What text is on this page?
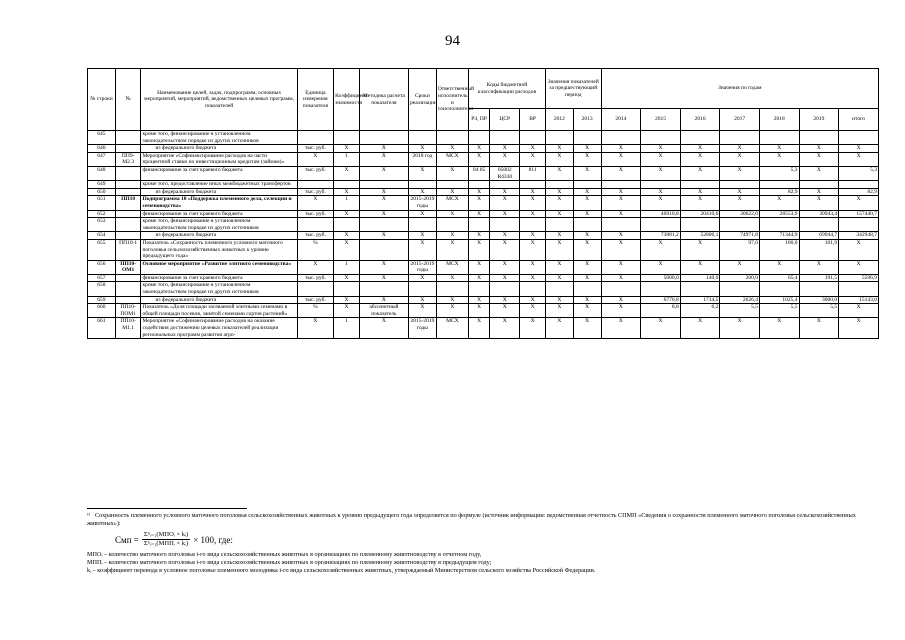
94
№ строки	№	Наименование целей, задач, подпрограмм, основных мероприятий, мероприятий, ведомственных целевых программ, показателей	Единица измерения показателя	Коэффициент значимости	Методика расчета показателя	Сроки реализации	Ответственный исполнитель и соисполнители	Коды бюджетной классификации расходов			Значения показателей за предшествующий период		Значения по годам						
								РЗ, ПР	ЦСР	ВР	2012	2013	2014	2015	2016	2017	2018	2019	итого
645		кроме того, финансирование в установленном законодательством порядке из других источников																	
646		из федерального бюджета	тыс. руб.	Х	Х	Х	Х	Х	Х	Х	Х	Х	Х	Х	Х	Х	Х	Х	Х
647	ПП9-М2.3	Мероприятие «Софинансирование расходов на части процентной ставки по инвестиционным кредитам (займам)»	Х	1	Х	2018 год	МСХ	Х	Х	Х	Х	Х	Х	Х	Х	Х	Х	Х	Х
648		финансирование за счет краевого бюджета	тыс. руб.	Х	Х	Х	Х	04 05	05002 R4330	811	Х	Х	Х	Х	Х	Х	5,3	Х	5,3
649		кроме того, предоставление иных межбюджетных трансфертов																	
650		из федерального бюджета	тыс. руб.	Х	Х	Х	Х	Х	Х	Х	Х	Х	Х	Х	Х	Х	82,9	Х	82,9
651	ПП10	Подпрограмма 10 «Поддержка племенного дела, селекции и семеноводства»	Х	1	Х	2015-2019 годы	МСХ	Х	Х	Х	Х	Х	Х	Х	Х	Х	Х	Х	Х
652		финансирование за счет краевого бюджета	тыс. руб.	Х	Х	Х	Х	Х	Х	Х	Х	Х	Х	46910,8	20410,6	30622,0	28553,9	30943,4	157440,7
653		кроме того, финансирование в установленном законодательством порядке из других источников																	
654		из федерального бюджета	тыс. руб.	Х	Х	Х	Х	Х	Х	Х	Х	Х	Х	73881,2	52806,1	74971,8	71344,9	69944,7	342948,7
655	ПП10-1	Показатель «Сохранность племенного условного маточного поголовья сельскохозяйственных животных к уровню предыдущего года»	%	Х		Х	Х	Х	Х	Х	Х	Х	Х	Х	Х	97,0	100,0	101,9	Х
656	ПП10-ОМ1	Основное мероприятие «Развитие элитного семеноводства»	Х	1	Х	2015-2019 годы	МСХ	Х	Х	Х	Х	Х	Х	Х	Х	Х	Х	Х	Х
657		финансирование за счет краевого бюджета	тыс. руб.	Х	Х	Х	Х	Х	Х	Х	Х	Х	Х	5000,0	140,0	200,0	65,4	191,5	5596,9
658		кроме того, финансирование в установленном законодательством порядке из других источников																	
659		из федерального бюджета	тыс. руб.	Х	Х	Х	Х	Х	Х	Х	Х	Х	Х	6776,8	1714,5	2626,4	1025,4	3000,0	15143,0
660	ПП10-ПОМ1	Показатель «Доля площади засеваемой элитными семенами в общей площади посевов, занятой семенами сортов растений»	%	Х	абсолютный показатель	Х	Х	Х	Х	Х	Х	Х	Х	8,8	6,2	5,5	5,5	5,5	Х
661	ПП10-М1.1	Мероприятие «Софинансирование расходов на оказание содействия достижению целевых показателей реализации региональных программ развития агро-	Х	1	Х	2015-2019 годы	МСХ	Х	Х	Х	Х	Х	Х	Х	Х	Х	Х	Х	Х

¹⁾ Сохранность племенного условного маточного поголовья сельскохозяйственных животных к уровню предыдущего года определяется по формуле (источник информации: ведомственная отчетность СПМП «Сведения о сохранности племенного маточного поголовья сельскохозяйственных животных»):

Смп = $\frac{\text{Σⁿᵢ₌₁(МПОᵢ × kᵢ)}}{\text{Σⁿᵢ₌₁(МППᵢ × kᵢ)}} \times 100$, где:

МПОᵢ – количество маточного поголовья i-го вида сельскохозяйственных животных в организациях по племенному животноводству в отчетном году,

МППᵢ – количество маточного поголовья i-го вида сельскохозяйственных животных в организациях по племенному животноводству в предыдущем году;

kᵢ – коэффициент перевода в условное поголовье племенного молодняка i-го вида сельскохозяйственных животных, утверждаемый Министерством сельского хозяйства Российской Федерации.
